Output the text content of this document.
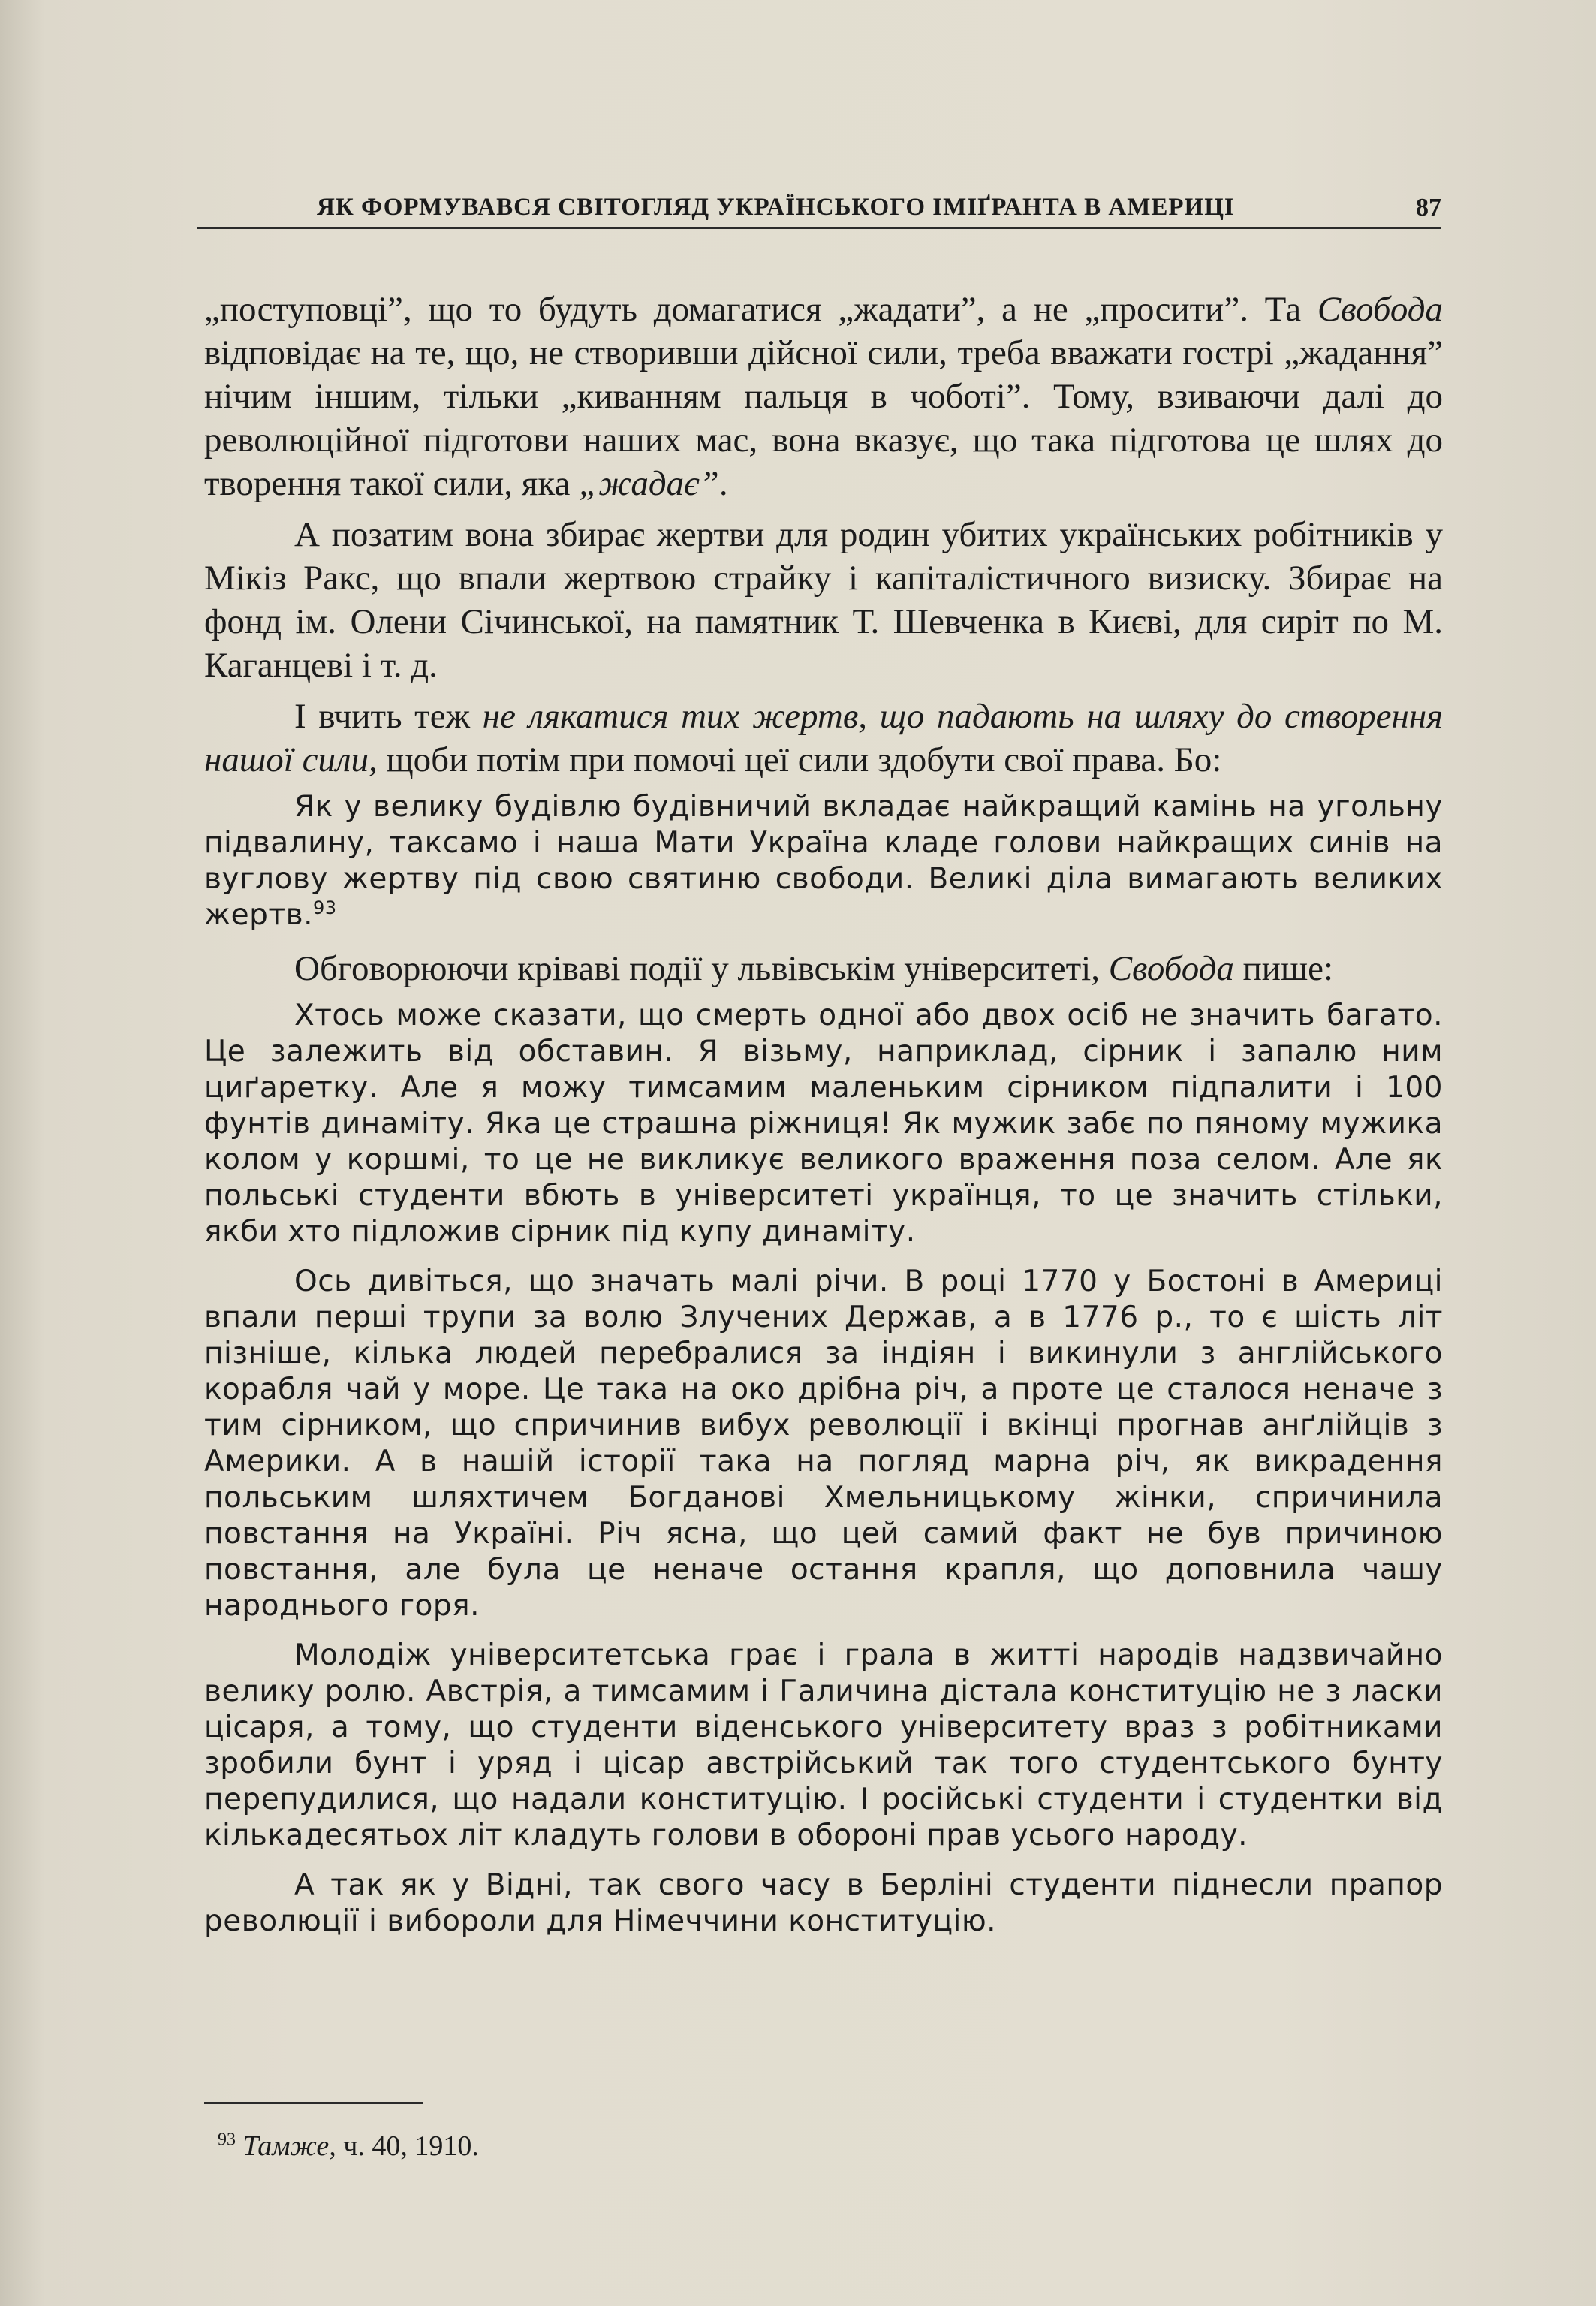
ЯК ФОРМУВАВСЯ СВІТОГЛЯД УКРАЇНСЬКОГО ІМІҐРАНТА В АМЕРИЦІ	87

„поступовці”, що то будуть домагатися „жадати”, а не „просити”. Та Свобода відповідає на те, що, не створивши дійсної сили, треба вважати гострі „жадання” нічим іншим, тільки „киванням пальця в чоботі”. Тому, взиваючи далі до революційної підготови наших мас, вона вказує, що така підготова це шлях до творення такої сили, яка „жадає”.

А позатим вона збирає жертви для родин убитих українських робітників у Мікіз Ракс, що впали жертвою страйку і капіталістичного визиску. Збирає на фонд ім. Олени Січинської, на памятник Т. Шевченка в Києві, для сиріт по М. Каганцеві і т. д.

І вчить теж не лякатися тих жертв, що падають на шляху до створення нашої сили, щоби потім при помочі цеї сили здобути свої права. Бо:

Як у велику будівлю будівничий вкладає найкращий камінь на угольну підвалину, таксамо і наша Мати Україна кладе голови найкращих синів на вуглову жертву під свою святиню свободи. Великі діла вимагають великих жертв.$^{93}$

Обговорюючи кріваві події у львівськім університеті, Свобода пише:

Хтось може сказати, що смерть одної або двох осіб не значить багато. Це залежить від обставин. Я візьму, наприклад, сірник і запалю ним циґаретку. Але я можу тимсамим маленьким сірником підпалити і 100 фунтів динаміту. Яка це страшна ріжниця! Як мужик забє по пяному мужика колом у коршмі, то це не викликує великого враження поза селом. Але як польські студенти вбють в університеті українця, то це значить стільки, якби хто підложив сірник під купу динаміту.

Ось дивіться, що значать малі річи. В році 1770 у Бостоні в Америці впали перші трупи за волю Злучених Держав, а в 1776 р., то є шість літ пізніше, кілька людей перебралися за індіян і викинули з англійського корабля чай у море. Це така на око дрібна річ, а проте це сталося неначе з тим сірником, що спричинив вибух революції і вкінці прогнав анґлійців з Америки. А в нашій історії така на погляд марна річ, як викрадення польським шляхтичем Богданові Хмельницькому жінки, спричинила повстання на Україні. Річ ясна, що цей самий факт не був причиною повстання, але була це неначе остання крапля, що доповнила чашу народнього горя.

Молодіж університетська грає і грала в житті народів надзвичайно велику ролю. Австрія, а тимсамим і Галичина дістала конституцію не з ласки цісаря, а тому, що студенти віденського університету враз з робітниками зробили бунт і уряд і цісар австрійський так того студентського бунту перепудилися, що надали конституцію. І російські студенти і студентки від кількадесятьох літ кладуть голови в обороні прав усього народу.

А так як у Відні, так свого часу в Берліні студенти піднесли прапор революції і виборoли для Німеччини конституцію.

$^{93}$ Тамже, ч. 40, 1910.
